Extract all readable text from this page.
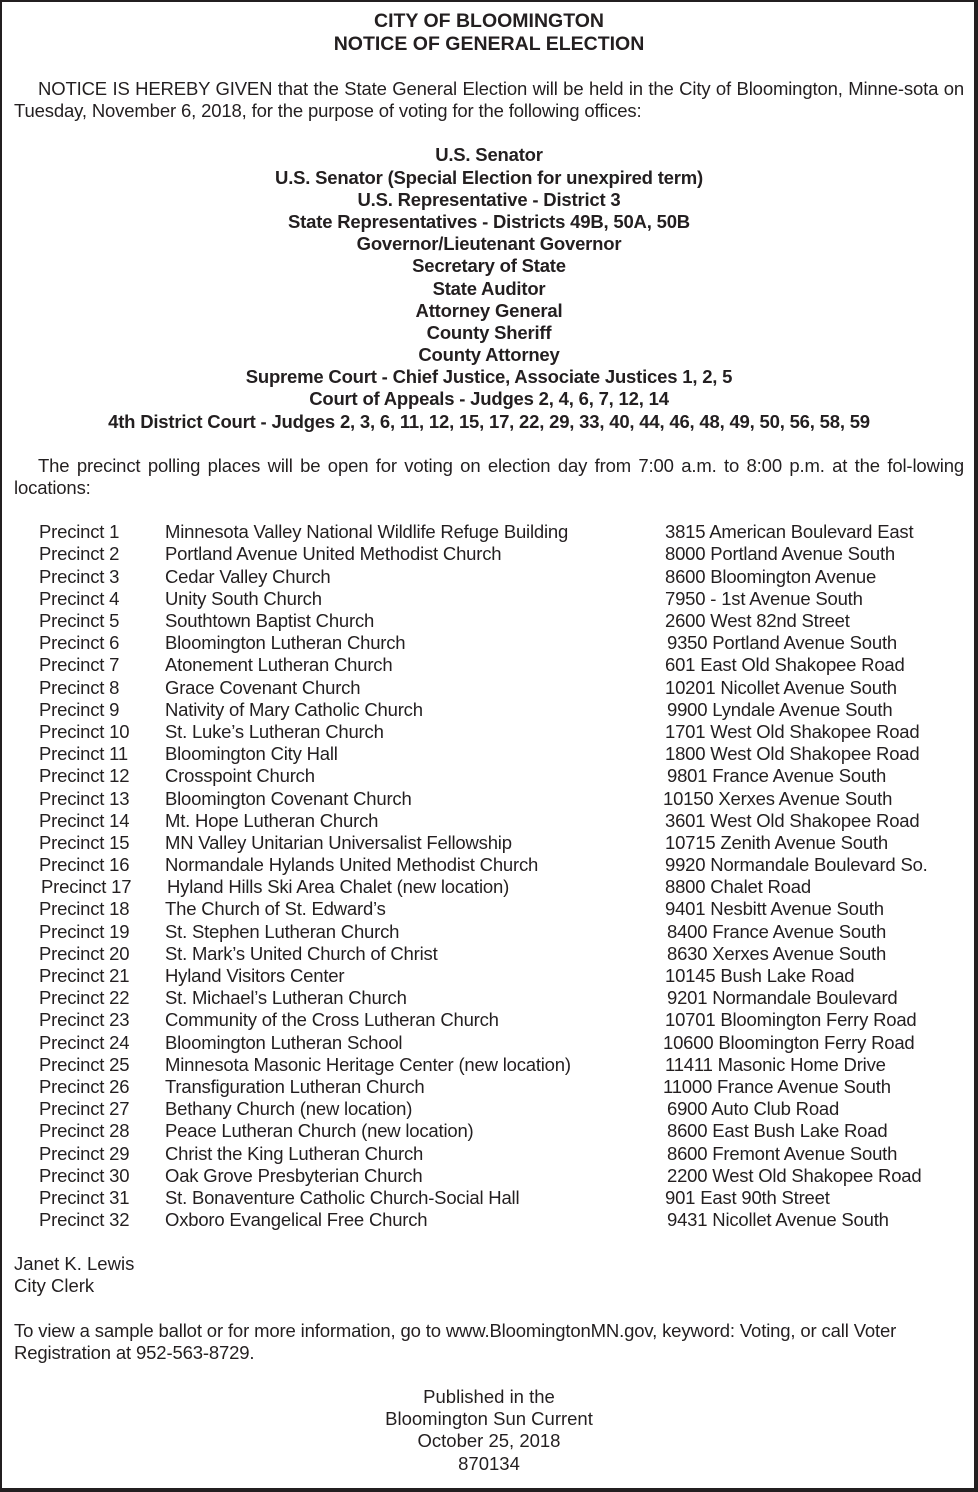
CITY OF BLOOMINGTON
NOTICE OF GENERAL ELECTION

NOTICE IS HEREBY GIVEN that the State General Election will be held in the City of Bloomington, Minne-sota on Tuesday, November 6, 2018, for the purpose of voting for the following offices:

U.S. Senator
U.S. Senator (Special Election for unexpired term)
U.S. Representative - District 3
State Representatives - Districts 49B, 50A, 50B
Governor/Lieutenant Governor
Secretary of State
State Auditor
Attorney General
County Sheriff
County Attorney
Supreme Court - Chief Justice, Associate Justices 1, 2, 5
Court of Appeals - Judges 2, 4, 6, 7, 12, 14
4th District Court - Judges 2, 3, 6, 11, 12, 15, 17, 22, 29, 33, 40, 44, 46, 48, 49, 50, 56, 58, 59

The precinct polling places will be open for voting on election day from 7:00 a.m. to 8:00 p.m. at the fol-lowing locations:

Precinct 1 Minnesota Valley National Wildlife Refuge Building	3815 American Boulevard East
Precinct 2 Portland Avenue United Methodist Church	8000 Portland Avenue South
Precinct 3 Cedar Valley Church	8600 Bloomington Avenue
Precinct 4 Unity South Church	7950 - 1st Avenue South
Precinct 5 Southtown Baptist Church	2600 West 82nd Street
Precinct 6 Bloomington Lutheran Church	9350 Portland Avenue South
Precinct 7 Atonement Lutheran Church	601 East Old Shakopee Road
Precinct 8 Grace Covenant Church	10201 Nicollet Avenue South
Precinct 9 Nativity of Mary Catholic Church	9900 Lyndale Avenue South
Precinct 10 St. Luke’s Lutheran Church	1701 West Old Shakopee Road
Precinct 11 Bloomington City Hall	1800 West Old Shakopee Road
Precinct 12 Crosspoint Church	9801 France Avenue South
Precinct 13 Bloomington Covenant Church	10150 Xerxes Avenue South
Precinct 14 Mt. Hope Lutheran Church	3601 West Old Shakopee Road
Precinct 15 MN Valley Unitarian Universalist Fellowship	10715 Zenith Avenue South
Precinct 16 Normandale Hylands United Methodist Church	9920 Normandale Boulevard So.
Precinct 17 Hyland Hills Ski Area Chalet (new location)	8800 Chalet Road
Precinct 18 The Church of St. Edward’s	9401 Nesbitt Avenue South
Precinct 19 St. Stephen Lutheran Church	8400 France Avenue South
Precinct 20 St. Mark’s United Church of Christ	8630 Xerxes Avenue South
Precinct 21 Hyland Visitors Center	10145 Bush Lake Road
Precinct 22 St. Michael’s Lutheran Church	9201 Normandale Boulevard
Precinct 23 Community of the Cross Lutheran Church	10701 Bloomington Ferry Road
Precinct 24 Bloomington Lutheran School	10600 Bloomington Ferry Road
Precinct 25 Minnesota Masonic Heritage Center (new location)	11411 Masonic Home Drive
Precinct 26 Transfiguration Lutheran Church	11000 France Avenue South
Precinct 27 Bethany Church (new location)	6900 Auto Club Road
Precinct 28 Peace Lutheran Church (new location)	8600 East Bush Lake Road
Precinct 29 Christ the King Lutheran Church	8600 Fremont Avenue South
Precinct 30 Oak Grove Presbyterian Church	2200 West Old Shakopee Road
Precinct 31 St. Bonaventure Catholic Church-Social Hall	901 East 90th Street
Precinct 32 Oxboro Evangelical Free Church	9431 Nicollet Avenue South
Janet K. Lewis
City Clerk

To view a sample ballot or for more information, go to www.BloomingtonMN.gov, keyword: Voting, or call Voter Registration at 952-563-8729.

Published in the
Bloomington Sun Current
October 25, 2018
870134
